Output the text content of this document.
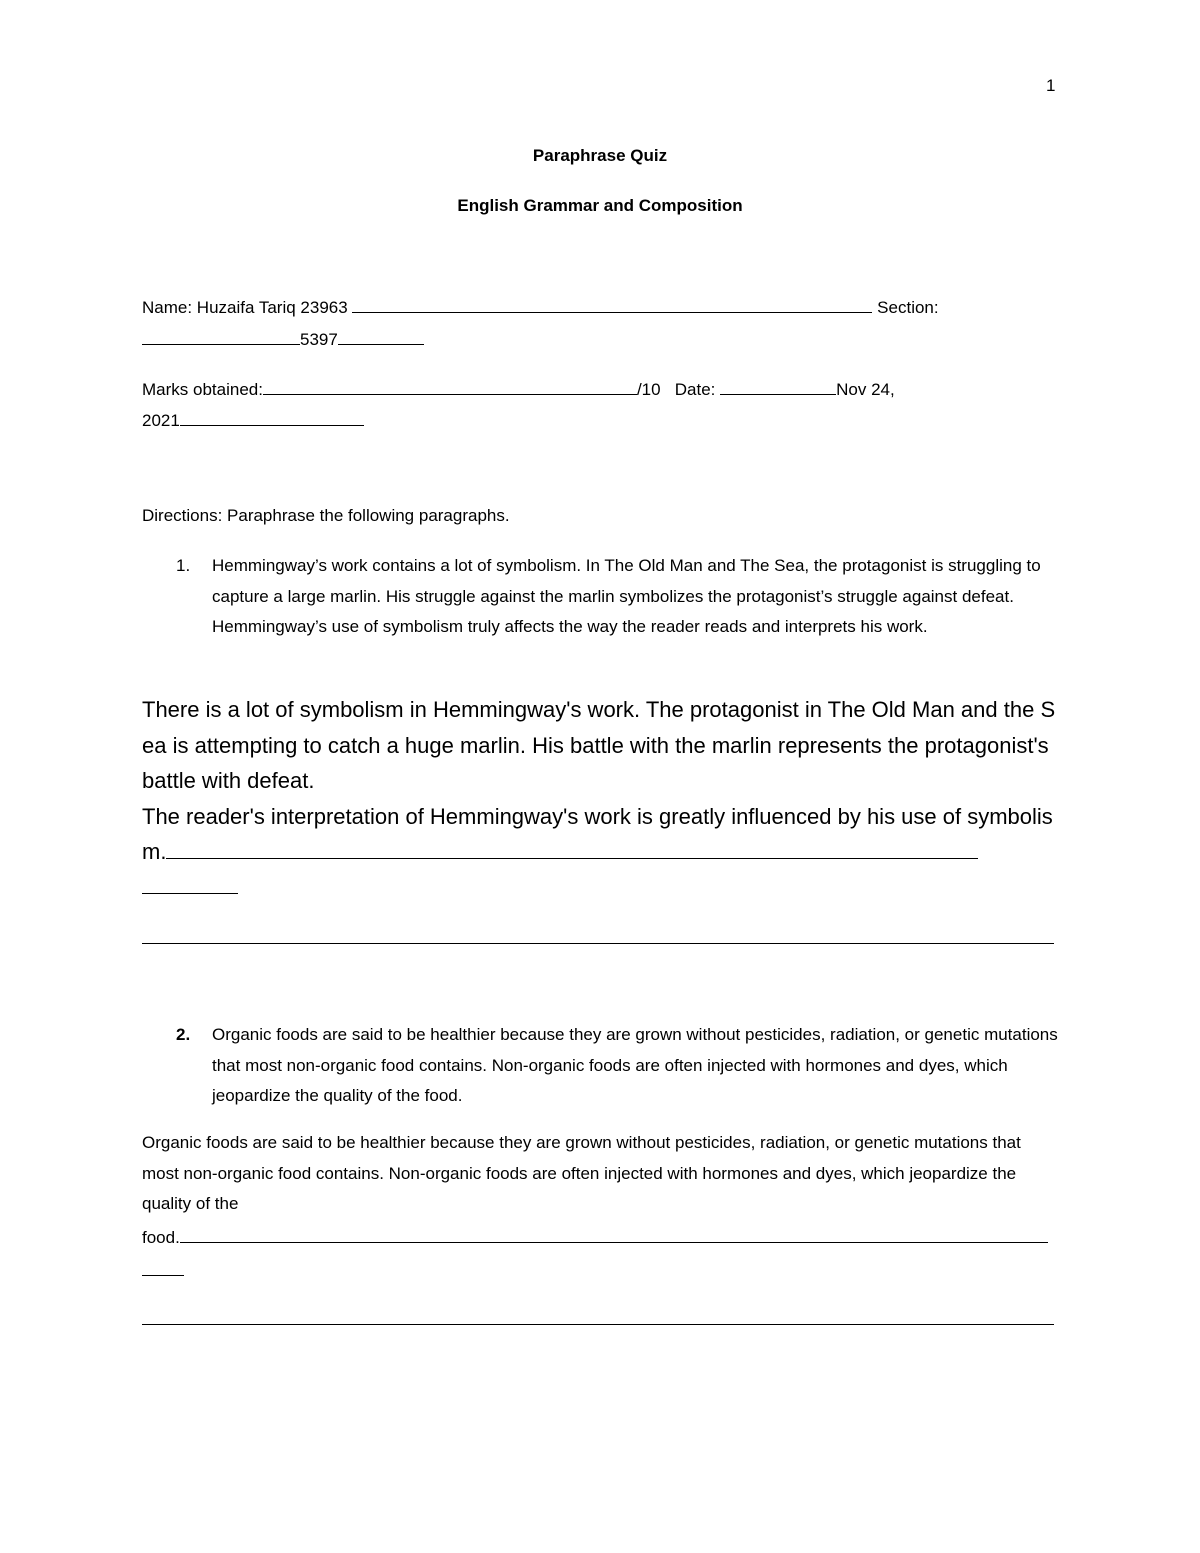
1
Paraphrase Quiz
English Grammar and Composition
Name: Huzaifa Tariq 23963	Section:
5397
Marks obtained:	/10 Date:	Nov 24,
2021
Directions: Paraphrase the following paragraphs.
1. Hemmingway’s work contains a lot of symbolism. In The Old Man and The Sea, the protagonist is struggling to capture a large marlin. His struggle against the marlin symbolizes the protagonist’s struggle against defeat. Hemmingway’s use of symbolism truly affects the way the reader reads and interprets his work.
There is a lot of symbolism in Hemmingway's work. The protagonist in The Old Man and the Sea is attempting to catch a huge marlin. His battle with the marlin represents the protagonist's battle with defeat.
The reader's interpretation of Hemmingway's work is greatly influenced by his use of symbolism.
2. Organic foods are said to be healthier because they are grown without pesticides, radiation, or genetic mutations that most non-organic food contains. Non-organic foods are often injected with hormones and dyes, which jeopardize the quality of the food.
Organic foods are said to be healthier because they are grown without pesticides, radiation, or genetic mutations that most non-organic food contains. Non-organic foods are often injected with hormones and dyes, which jeopardize the quality of the
food.
